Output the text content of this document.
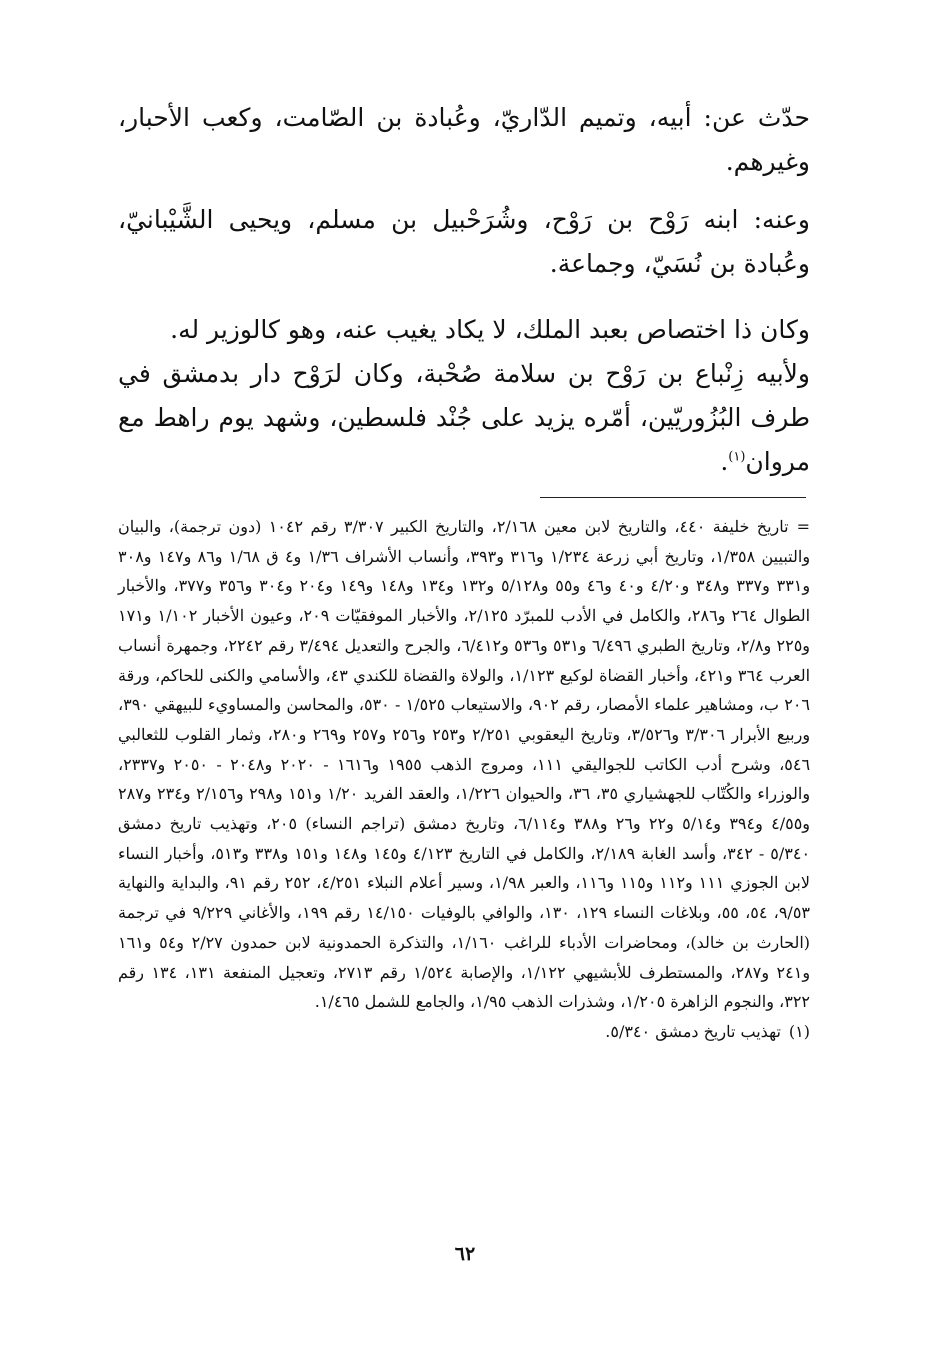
حدّث عن: أبيه، وتميم الدّاريّ، وعُبادة بن الصّامت، وكعب الأحبار، وغيرهم.

وعنه: ابنه رَوْح بن رَوْح، وشُرَحْبيل بن مسلم، ويحيى الشَّيْبانيّ، وعُبادة بن نُسَيّ، وجماعة.

وكان ذا اختصاص بعبد الملك، لا يكاد يغيب عنه، وهو كالوزير له.

ولأبيه زِنْباع بن رَوْح بن سلامة صُحْبة، وكان لرَوْح دار بدمشق في طرف البُزُوريّين، أمّره يزيد على جُنْد فلسطين، وشهد يوم راهط مع مروان$^{(١)}$.

=تاريخ خليفة ٤٤٠، والتاريخ لابن معين ٢/١٦٨، والتاريخ الكبير ٣/٣٠٧ رقم ١٠٤٢ (دون ترجمة)، والبيان والتبيين ١/٣٥٨، وتاريخ أبي زرعة ١/٢٣٤ و٣١٦ و٣٩٣، وأنساب الأشراف ١/٣٦ و٤ ق ١/٦٨ و٨٦ و١٤٧ و٣٠٨ و٣٣١ و٣٣٧ و٣٤٨ و٤/٢٠ و٤٠ و٤٦ و٥٥ و٥/١٢٨ و١٣٢ و١٣٤ و١٤٨ و١٤٩ و٢٠٤ و٣٠٤ و٣٥٦ و٣٧٧، والأخبار الطوال ٢٦٤ و٢٨٦، والكامل في الأدب للمبرّد ٢/١٢٥، والأخبار الموفقيّات ٢٠٩، وعيون الأخبار ١/١٠٢ و١٧١ و٢٢٥ و٢/٨، وتاريخ الطبري ٦/٤٩٦ و٥٣١ و٥٣٦ و٦/٤١٢، والجرح والتعديل ٣/٤٩٤ رقم ٢٢٤٢، وجمهرة أنساب العرب ٣٦٤ و٤٢١، وأخبار القضاة لوكيع ١/١٢٣، والولاة والقضاة للكندي ٤٣، والأسامي والكنى للحاكم، ورقة ٢٠٦ ب، ومشاهير علماء الأمصار، رقم ٩٠٢، والاستيعاب ١/٥٢٥ - ٥٣٠، والمحاسن والمساويء للبيهقي ٣٩٠، وربيع الأبرار ٣/٣٠٦ و٣/٥٢٦، وتاريخ اليعقوبي ٢/٢٥١ و٢٥٣ و٢٥٦ و٢٥٧ و٢٦٩ و٢٨٠، وثمار القلوب للثعالبي ٥٤٦، وشرح أدب الكاتب للجواليقي ١١١، ومروج الذهب ١٩٥٥ و١٦١٦ - ٢٠٢٠ و٢٠٤٨ - ٢٠٥٠ و٢٣٣٧، والوزراء والكُتّاب للجهشياري ٣٥، ٣٦، والحيوان ١/٢٢٦، والعقد الفريد ١/٢٠ و١٥١ و٢٩٨ و٢/١٥٦ و٢٣٤ و٢٨٧ و٤/٥٥ و٣٩٤ و٥/١٤ و٢٢ و٢٦ و٣٨٨ و٦/١١٤، وتاريخ دمشق (تراجم النساء) ٢٠٥، وتهذيب تاريخ دمشق ٥/٣٤٠ - ٣٤٢، وأسد الغابة ٢/١٨٩، والكامل في التاريخ ٤/١٢٣ و١٤٥ و١٤٨ و١٥١ و٣٣٨ و٥١٣، وأخبار النساء لابن الجوزي ١١١ و١١٢ و١١٥ و١١٦، والعبر ١/٩٨، وسير أعلام النبلاء ٤/٢٥١، ٢٥٢ رقم ٩١، والبداية والنهاية ٩/٥٣، ٥٤، ٥٥، وبلاغات النساء ١٢٩، ١٣٠، والوافي بالوفيات ١٤/١٥٠ رقم ١٩٩، والأغاني ٩/٢٢٩ في ترجمة (الحارث بن خالد)، ومحاضرات الأدباء للراغب ١/١٦٠، والتذكرة الحمدونية لابن حمدون ٢/٢٧ و٥٤ و١٦١ و٢٤١ و٢٨٧، والمستطرف للأبشيهي ١/١٢٢، والإصابة ١/٥٢٤ رقم ٢٧١٣، وتعجيل المنفعة ١٣١، ١٣٤ رقم ٣٢٢، والنجوم الزاهرة ١/٢٠٥، وشذرات الذهب ١/٩٥، والجامع للشمل ١/٤٦٥.

(١)تهذيب تاريخ دمشق ٥/٣٤٠.

٦٢
